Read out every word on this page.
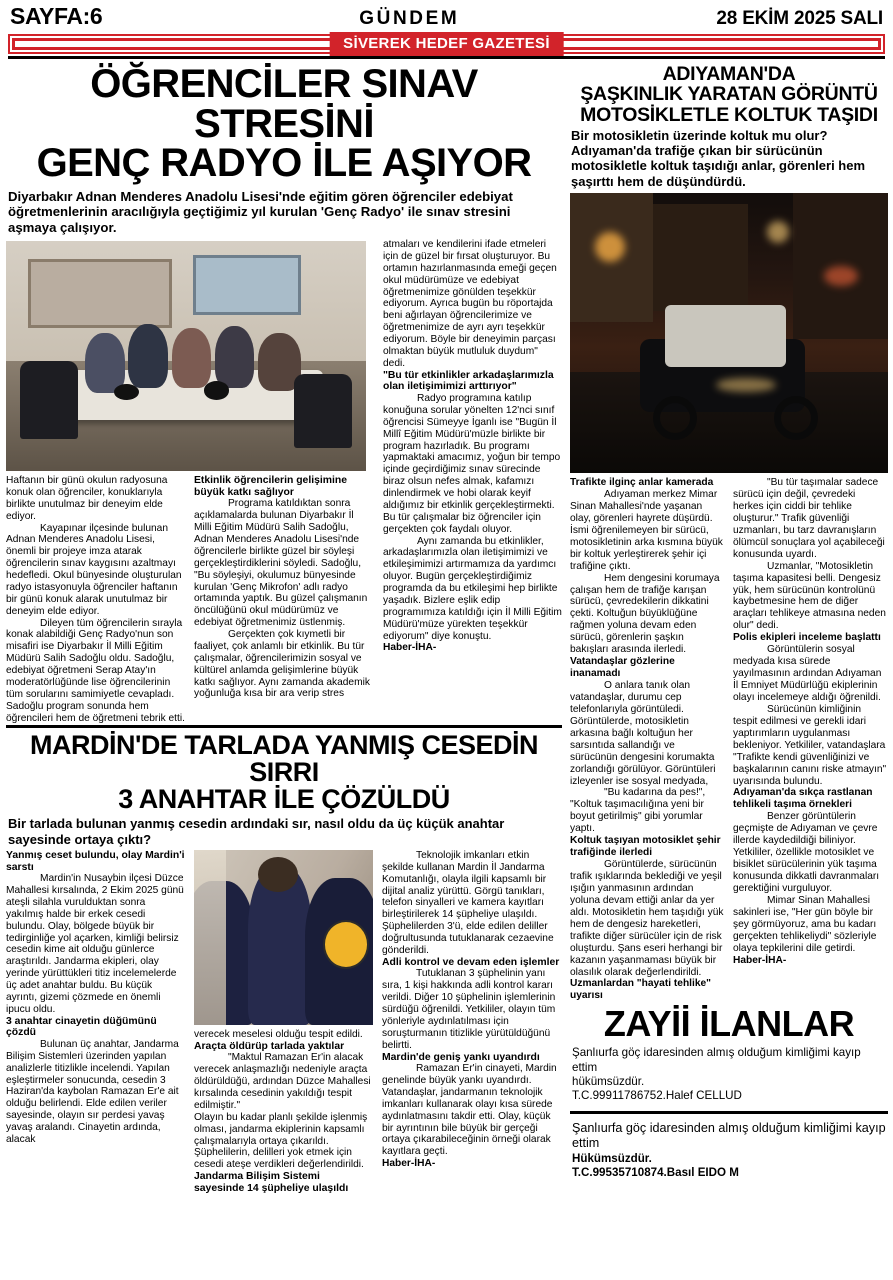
SAYFA:6	GÜNDEM	28 EKİM 2025 SALI
SİVEREK HEDEF GAZETESİ
ÖĞRENCİLER SINAV STRESİNİ
GENÇ RADYO İLE AŞIYOR
Diyarbakır Adnan Menderes Anadolu Lisesi'nde eğitim gören öğrenciler edebiyat öğretmenlerinin aracılığıyla geçtiğimiz yıl kurulan 'Genç Radyo' ile sınav stresini aşmaya çalışıyor.

Haftanın bir günü okulun radyosuna konuk olan öğrenciler, konuklarıyla birlikte unutulmaz bir deneyim elde ediyor.

Kayapınar ilçesinde bulunan Adnan Menderes Anadolu Lisesi, önemli bir projeye imza atarak öğrencilerin sınav kaygısını azaltmayı hedefledi. Okul bünyesinde oluşturulan radyo istasyonuyla öğrenciler haftanın bir günü konuk alarak unutulmaz bir deneyim elde ediyor.

Dileyen tüm öğrencilerin sırayla konak alabildiği Genç Radyo'nun son misafiri ise Diyarbakır İl Milli Eğitim Müdürü Salih Sadoğlu oldu. Sadoğlu, edebiyat öğretmeni Serap Atay'ın moderatörlüğünde lise öğrencilerinin tüm sorularını samimiyetle cevapladı. Sadoğlu program sonunda hem öğrencileri hem de öğretmeni tebrik etti.

Etkinlik öğrencilerin gelişimine büyük katkı sağlıyor

Programa katıldıktan sonra açıklamalarda bulunan Diyarbakır İl Milli Eğitim Müdürü Salih Sadoğlu, Adnan Menderes Anadolu Lisesi'nde öğrencilerle birlikte güzel bir söyleşi gerçekleştirdiklerini söyledi. Sadoğlu, "Bu söyleşiyi, okulumuz bünyesinde kurulan 'Genç Mikrofon' adlı radyo ortamında yaptık. Bu güzel çalışmanın öncülüğünü okul müdürümüz ve edebiyat öğretmenimiz üstlenmiş.

Gerçekten çok kıymetli bir faaliyet, çok anlamlı bir etkinlik. Bu tür çalışmalar, öğrencilerimizin sosyal ve kültürel anlamda gelişimlerine büyük katkı sağlıyor. Aynı zamanda akademik yoğunluğa kısa bir ara verip stres

atmaları ve kendilerini ifade etmeleri için de güzel bir fırsat oluşturuyor. Bu ortamın hazırlanmasında emeği geçen okul müdürümüze ve edebiyat öğretmenimize gönülden teşekkür ediyorum. Ayrıca bugün bu röportajda beni ağırlayan öğrencilerimize ve öğretmenimize de ayrı ayrı teşekkür ediyorum. Böyle bir deneyimin parçası olmaktan büyük mutluluk duydum" dedi.

"Bu tür etkinlikler arkadaşlarımızla olan iletişimimizi arttırıyor"

Radyo programına katılıp konuğuna sorular yönelten 12'nci sınıf öğrencisi Sümeyye İganlı ise "Bugün İl Millî Eğitim Müdürü'müzle birlikte bir program hazırladık. Bu programı yapmaktaki amacımız, yoğun bir tempo içinde geçirdiğimiz sınav sürecinde biraz olsun nefes almak, kafamızı dinlendirmek ve hobi olarak keyif aldığımız bir etkinlik gerçekleştirmekti. Bu tür çalışmalar biz öğrenciler için gerçekten çok faydalı oluyor.

Aynı zamanda bu etkinlikler, arkadaşlarımızla olan iletişimimizi ve etkileşimimizi artırmamıza da yardımcı oluyor. Bugün gerçekleştirdiğimiz programda da bu etkileşimi hep birlikte yaşadık. Bizlere eşlik edip programımıza katıldığı için İl Milli Eğitim Müdürü'müze yürekten teşekkür ediyorum" diye konuştu.

Haber-İHA-

MARDİN'DE TARLADA YANMIŞ CESEDİN SIRRI
3 ANAHTAR İLE ÇÖZÜLDÜ
Bir tarlada bulunan yanmış cesedin ardındaki sır, nasıl oldu da üç küçük anahtar sayesinde ortaya çıktı?

Yanmış ceset bulundu, olay Mardin'i sarstı

Mardin'in Nusaybin ilçesi Düzce Mahallesi kırsalında, 2 Ekim 2025 günü ateşli silahla vurulduktan sonra yakılmış halde bir erkek cesedi bulundu. Olay, bölgede büyük bir tedirginliğe yol açarken, kimliği belirsiz cesedin kime ait olduğu günlerce araştırıldı. Jandarma ekipleri, olay yerinde yürüttükleri titiz incelemelerde üç adet anahtar buldu. Bu küçük ayrıntı, gizemi çözmede en önemli ipucu oldu.

3 anahtar cinayetin düğümünü çözdü

Bulunan üç anahtar, Jandarma Bilişim Sistemleri üzerinden yapılan analizlerle titizlikle incelendi. Yapılan eşleştirmeler sonucunda, cesedin 3 Haziran'da kaybolan Ramazan Er'e ait olduğu belirlendi. Elde edilen veriler sayesinde, olayın sır perdesi yavaş yavaş aralandı. Cinayetin ardında, alacak

verecek meselesi olduğu tespit edildi.

Araçta öldürüp tarlada yaktılar

"Maktul Ramazan Er'in alacak verecek anlaşmazlığı nedeniyle araçta öldürüldüğü, ardından Düzce Mahallesi kırsalında cesedinin yakıldığı tespit edilmiştir."

Olayın bu kadar planlı şekilde işlenmiş olması, jandarma ekiplerinin kapsamlı çalışmalarıyla ortaya çıkarıldı. Şüphelilerin, delilleri yok etmek için cesedi ateşe verdikleri değerlendirildi.

Jandarma Bilişim Sistemi sayesinde 14 şüpheliye ulaşıldı

Teknolojik imkanları etkin şekilde kullanan Mardin İl Jandarma Komutanlığı, olayla ilgili kapsamlı bir dijital analiz yürüttü. Görgü tanıkları, telefon sinyalleri ve kamera kayıtları birleştirilerek 14 şüpheliye ulaşıldı. Şüphelilerden 3'ü, elde edilen deliller doğrultusunda tutuklanarak cezaevine gönderildi.

Adli kontrol ve devam eden işlemler

Tutuklanan 3 şüphelinin yanı sıra, 1 kişi hakkında adli kontrol kararı verildi. Diğer 10 şüphelinin işlemlerinin sürdüğü öğrenildi. Yetkililer, olayın tüm yönleriyle aydınlatılması için soruşturmanın titizlikle yürütüldüğünü belirtti.

Mardin'de geniş yankı uyandırdı

Ramazan Er'in cinayeti, Mardin genelinde büyük yankı uyandırdı. Vatandaşlar, jandarmanın teknolojik imkanları kullanarak olayı kısa sürede aydınlatmasını takdir etti. Olay, küçük bir ayrıntının bile büyük bir gerçeği ortaya çıkarabileceğinin örneği olarak kayıtlara geçti.

Haber-İHA-

ADIYAMAN'DA
ŞAŞKINLIK YARATAN GÖRÜNTÜ
MOTOSİKLETLE KOLTUK TAŞIDI
Bir motosikletin üzerinde koltuk mu olur? Adıyaman'da trafiğe çıkan bir sürücünün motosikletle koltuk taşıdığı anlar, görenleri hem şaşırttı hem de düşündürdü.

Trafikte ilginç anlar kamerada

Adıyaman merkez Mimar Sinan Mahallesi'nde yaşanan olay, görenleri hayrete düşürdü. İsmi öğrenilemeyen bir sürücü, motosikletinin arka kısmına büyük bir koltuk yerleştirerek şehir içi trafiğine çıktı.

Hem dengesini korumaya çalışan hem de trafiğe karışan sürücü, çevredekilerin dikkatini çekti. Koltuğun büyüklüğüne rağmen yoluna devam eden sürücü, görenlerin şaşkın bakışları arasında ilerledi.

Vatandaşlar gözlerine inanamadı

O anlara tanık olan vatandaşlar, durumu cep telefonlarıyla görüntüledi. Görüntülerde, motosikletin arkasına bağlı koltuğun her sarsıntıda sallandığı ve sürücünün dengesini korumakta zorlandığı görülüyor. Görüntüleri izleyenler ise sosyal medyada,

"Bu kadarına da pes!", "Koltuk taşımacılığına yeni bir boyut getirilmiş" gibi yorumlar yaptı.

Koltuk taşıyan motosiklet şehir trafiğinde ilerledi

Görüntülerde, sürücünün trafik ışıklarında beklediği ve yeşil ışığın yanmasının ardından yoluna devam ettiği anlar da yer aldı. Motosikletin hem taşıdığı yük hem de dengesiz hareketleri, trafikte diğer sürücüler için de risk oluşturdu. Şans eseri herhangi bir kazanın yaşanmaması büyük bir olasılık olarak değerlendirildi.

Uzmanlardan "hayati tehlike" uyarısı

"Bu tür taşımalar sadece sürücü için değil, çevredeki herkes için ciddi bir tehlike oluşturur." Trafik güvenliği uzmanları, bu tarz davranışların ölümcül sonuçlara yol açabileceği konusunda uyardı.

Uzmanlar, "Motosikletin taşıma kapasitesi belli. Dengesiz yük, hem sürücünün kontrolünü kaybetmesine hem de diğer araçları tehlikeye atmasına neden olur" dedi.

Polis ekipleri inceleme başlattı

Görüntülerin sosyal medyada kısa sürede yayılmasının ardından Adıyaman İl Emniyet Müdürlüğü ekiplerinin olayı incelemeye aldığı öğrenildi.

Sürücünün kimliğinin tespit edilmesi ve gerekli idari yaptırımların uygulanması bekleniyor. Yetkililer, vatandaşlara "Trafikte kendi güvenliğinizi ve başkalarının canını riske atmayın" uyarısında bulundu.

Adıyaman'da sıkça rastlanan tehlikeli taşıma örnekleri

Benzer görüntülerin geçmişte de Adıyaman ve çevre illerde kaydedildiği biliniyor. Yetkililer, özellikle motosiklet ve bisiklet sürücülerinin yük taşıma konusunda dikkatli davranmaları gerektiğini vurguluyor.

Mimar Sinan Mahallesi sakinleri ise, "Her gün böyle bir şey görmüyoruz, ama bu kadarı gerçekten tehlikeliydi" sözleriyle olaya tepkilerini dile getirdi.

Haber-İHA-

ZAYİİ İLANLAR
Şanlıurfa göç idaresinden almış olduğum kimliğimi kayıp ettim
hükümsüzdür.
T.C.99911786752.Halef CELLUD
Şanlıurfa göç idaresinden almış olduğum kimliğimi kayıp ettim
Hükümsüzdür.
T.C.99535710874.Basıl EIDO M
